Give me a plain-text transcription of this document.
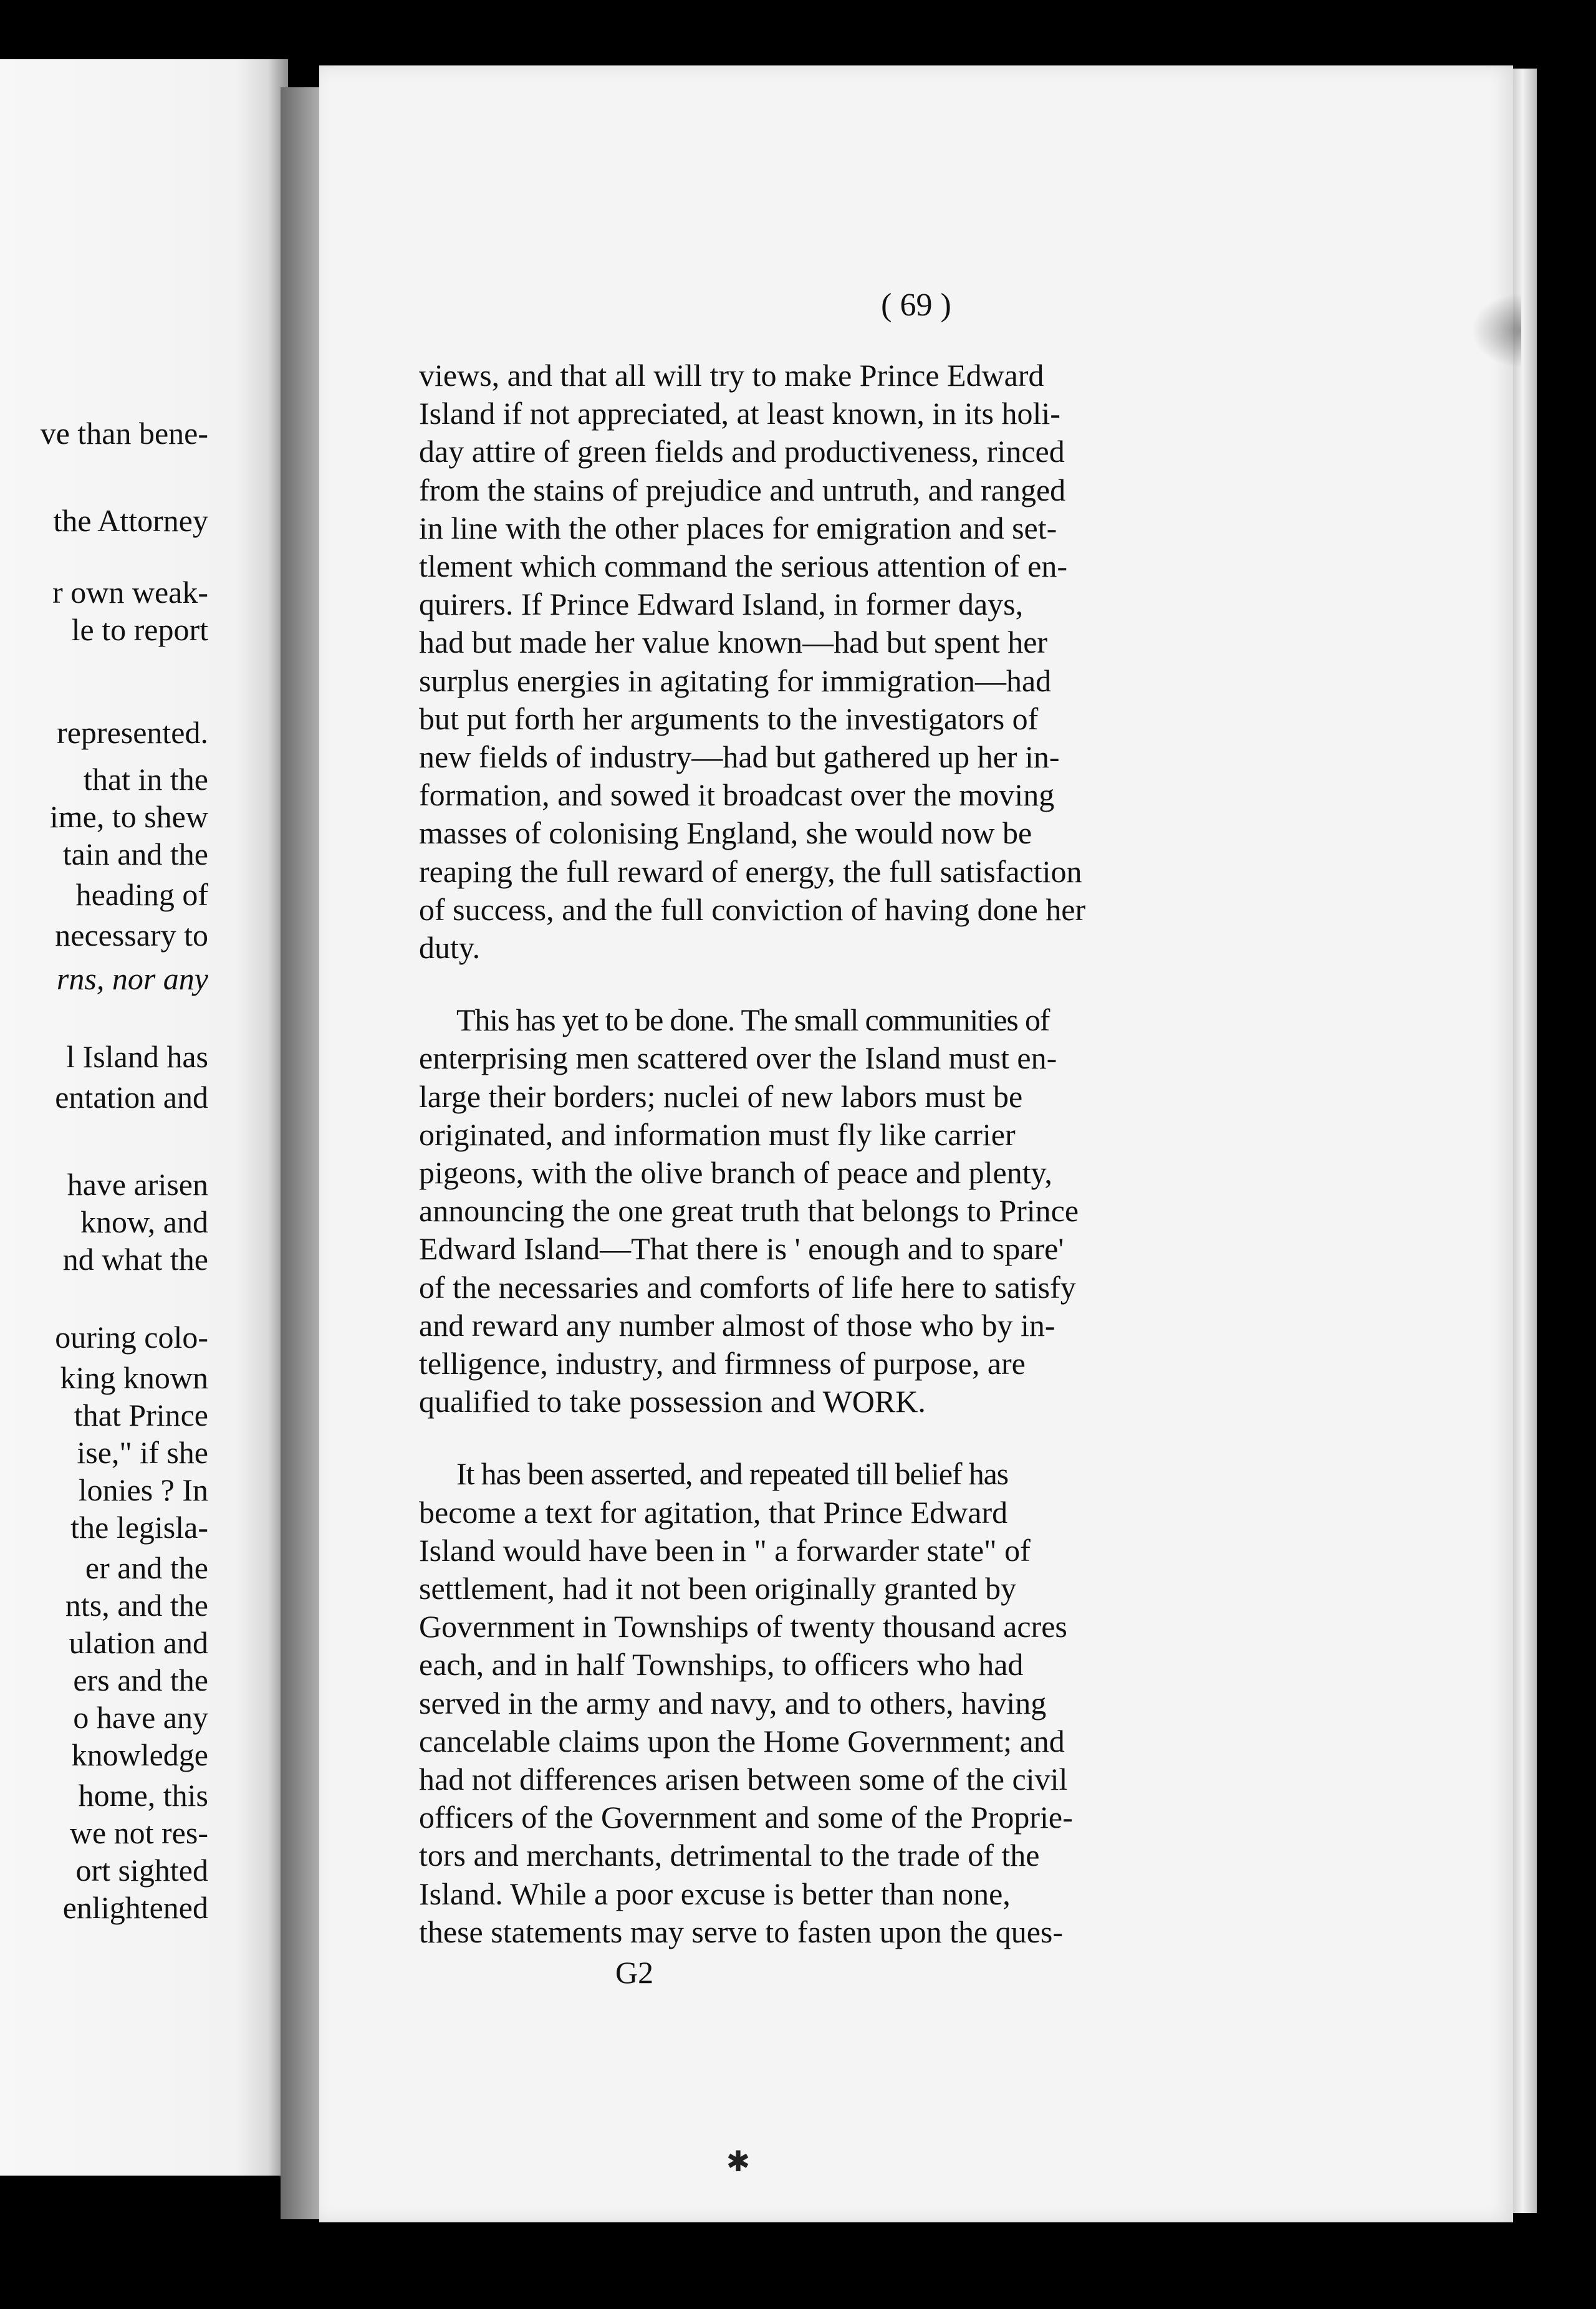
ve than bene-
the Attorney
r own weak-
le to report
represented.
that in the
ime, to shew
tain and the
heading of
necessary to
rns, nor any
l Island has
entation and
have arisen
know, and
nd what the
ouring colo-
king known
that Prince
ise," if she
lonies ? In
the legisla-
er and the
nts, and the
ulation and
ers and the
o have any
knowledge
home, this
we not res-
ort sighted
enlightened
( 69 )
G2
✱
views, and that all will try to make Prince Edward
Island if not appreciated, at least known, in its holi-
day attire of green fields and productiveness, rinced
from the stains of prejudice and untruth, and ranged
in line with the other places for emigration and set-
tlement which command the serious attention of en-
quirers. If Prince Edward Island, in former days,
had but made her value known—had but spent her
surplus energies in agitating for immigration—had
but put forth her arguments to the investigators of
new fields of industry—had but gathered up her in-
formation, and sowed it broadcast over the moving
masses of colonising England, she would now be
reaping the full reward of energy, the full satisfaction
of success, and the full conviction of having done her
duty.
This has yet to be done. The small communities of
enterprising men scattered over the Island must en-
large their borders; nuclei of new labors must be
originated, and information must fly like carrier
pigeons, with the olive branch of peace and plenty,
announcing the one great truth that belongs to Prince
Edward Island—That there is ' enough and to spare'
of the necessaries and comforts of life here to satisfy
and reward any number almost of those who by in-
telligence, industry, and firmness of purpose, are
qualified to take possession and WORK.
It has been asserted, and repeated till belief has
become a text for agitation, that Prince Edward
Island would have been in " a forwarder state" of
settlement, had it not been originally granted by
Government in Townships of twenty thousand acres
each, and in half Townships, to officers who had
served in the army and navy, and to others, having
cancelable claims upon the Home Government; and
had not differences arisen between some of the civil
officers of the Government and some of the Proprie-
tors and merchants, detrimental to the trade of the
Island. While a poor excuse is better than none,
these statements may serve to fasten upon the ques-
